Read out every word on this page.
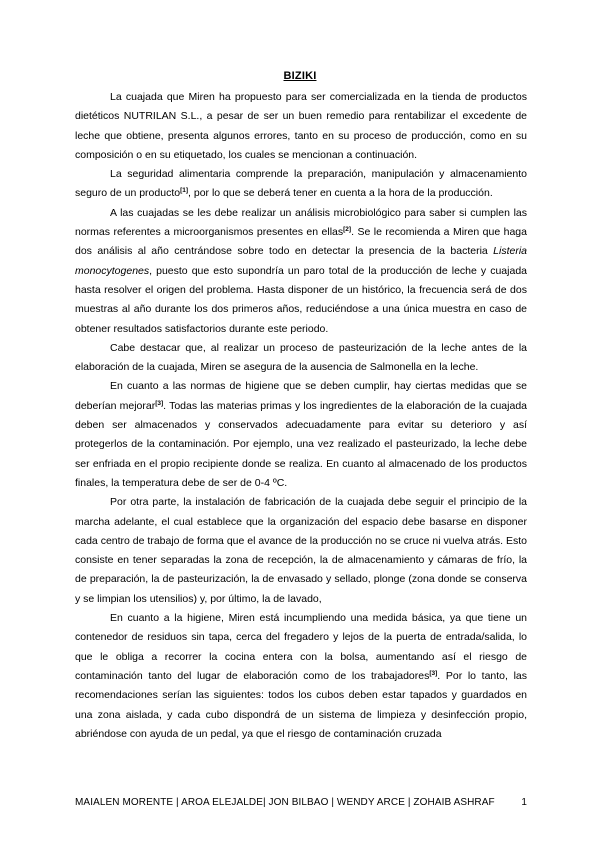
BIZIKI

La cuajada que Miren ha propuesto para ser comercializada en la tienda de productos dietéticos NUTRILAN S.L., a pesar de ser un buen remedio para rentabilizar el excedente de leche que obtiene, presenta algunos errores, tanto en su proceso de producción, como en su composición o en su etiquetado, los cuales se mencionan a continuación.

La seguridad alimentaria comprende la preparación, manipulación y almacenamiento seguro de un producto[1], por lo que se deberá tener en cuenta a la hora de la producción.

A las cuajadas se les debe realizar un análisis microbiológico para saber si cumplen las normas referentes a microorganismos presentes en ellas[2]. Se le recomienda a Miren que haga dos análisis al año centrándose sobre todo en detectar la presencia de la bacteria Listeria monocytogenes, puesto que esto supondría un paro total de la producción de leche y cuajada hasta resolver el origen del problema. Hasta disponer de un histórico, la frecuencia será de dos muestras al año durante los dos primeros años, reduciéndose a una única muestra en caso de obtener resultados satisfactorios durante este periodo.

Cabe destacar que, al realizar un proceso de pasteurización de la leche antes de la elaboración de la cuajada, Miren se asegura de la ausencia de Salmonella en la leche.

En cuanto a las normas de higiene que se deben cumplir, hay ciertas medidas que se deberían mejorar[3]. Todas las materias primas y los ingredientes de la elaboración de la cuajada deben ser almacenados y conservados adecuadamente para evitar su deterioro y así protegerlos de la contaminación. Por ejemplo, una vez realizado el pasteurizado, la leche debe ser enfriada en el propio recipiente donde se realiza. En cuanto al almacenado de los productos finales, la temperatura debe de ser de 0-4 ºC.

Por otra parte, la instalación de fabricación de la cuajada debe seguir el principio de la marcha adelante, el cual establece que la organización del espacio debe basarse en disponer cada centro de trabajo de forma que el avance de la producción no se cruce ni vuelva atrás. Esto consiste en tener separadas la zona de recepción, la de almacenamiento y cámaras de frío, la de preparación, la de pasteurización, la de envasado y sellado, plonge (zona donde se conserva y se limpian los utensilios) y, por último, la de lavado,

En cuanto a la higiene, Miren está incumpliendo una medida básica, ya que tiene un contenedor de residuos sin tapa, cerca del fregadero y lejos de la puerta de entrada/salida, lo que le obliga a recorrer la cocina entera con la bolsa, aumentando así el riesgo de contaminación tanto del lugar de elaboración como de los trabajadores[3]. Por lo tanto, las recomendaciones serían las siguientes: todos los cubos deben estar tapados y guardados en una zona aislada, y cada cubo dispondrá de un sistema de limpieza y desinfección propio, abriéndose con ayuda de un pedal, ya que el riesgo de contaminación cruzada

MAIALEN MORENTE | AROA ELEJALDE| JON BILBAO | WENDY ARCE | ZOHAIB ASHRAF	1
